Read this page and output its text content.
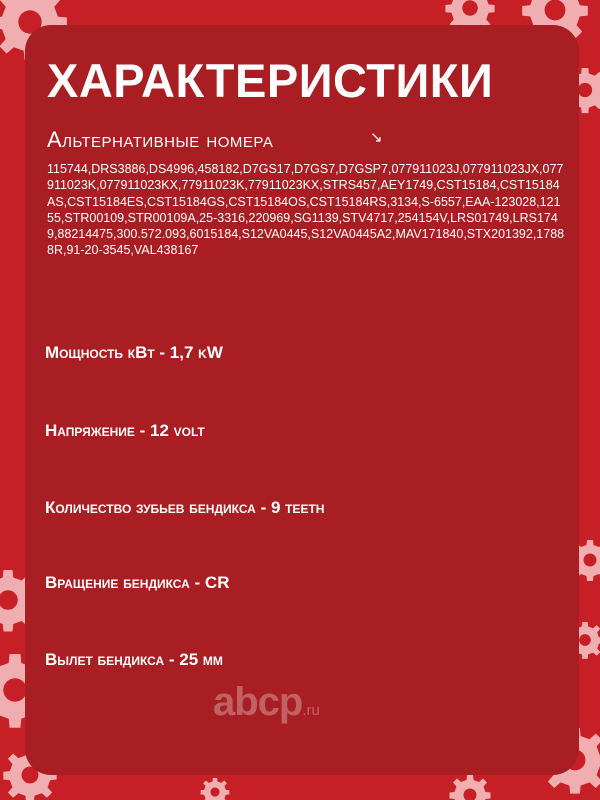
ХАРАКТЕРИСТИКИ
Альтернативные номера	↘
115744,DRS3886,DS4996,458182,D7GS17,D7GS7,D7GSP7,077911023J,077911023JX,077911023K,077911023KX,77911023K,77911023KX,STRS457,AEY1749,CST15184,CST15184AS,CST15184ES,CST15184GS,CST15184OS,CST15184RS,3134,S-6557,EAA-123028,12155,STR00109,STR00109A,25-3316,220969,SG1139,STV4717,254154V,LRS01749,LRS1749,88214475,300.572.093,6015184,S12VA0445,S12VA0445A2,MAV171840,STX201392,17888R,91-20-3545,VAL438167
Мощность кВт - 1,7 kW
Напряжение - 12 volt
Количество зубьев бендикса - 9 teeth
Вращение бендикса - CR
Вылет бендикса - 25 мм
abcp.ru
